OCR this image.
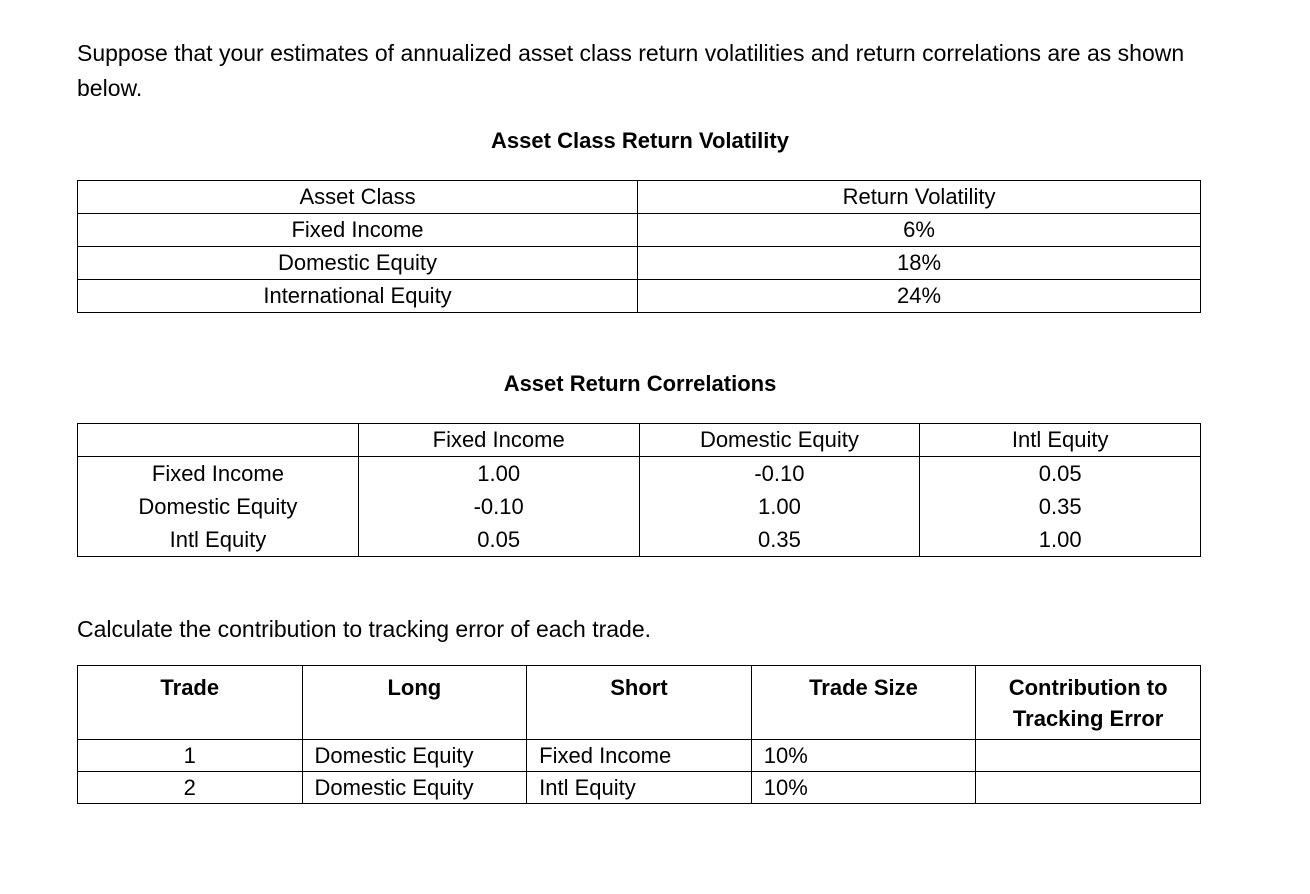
Suppose that your estimates of annualized asset class return volatilities and return correlations are as shown below.

Asset Class Return Volatility

Asset Class	Return Volatility
Fixed Income	6%
Domestic Equity	18%
International Equity	24%

Asset Return Correlations

	Fixed Income	Domestic Equity	Intl Equity
Fixed Income	1.00	-0.10	0.05
Domestic Equity	-0.10	1.00	0.35
Intl Equity	0.05	0.35	1.00

Calculate the contribution to tracking error of each trade.

Trade	Long	Short	Trade Size	Contribution to Tracking Error
1	Domestic Equity	Fixed Income	10%	
2	Domestic Equity	Intl Equity	10%	
